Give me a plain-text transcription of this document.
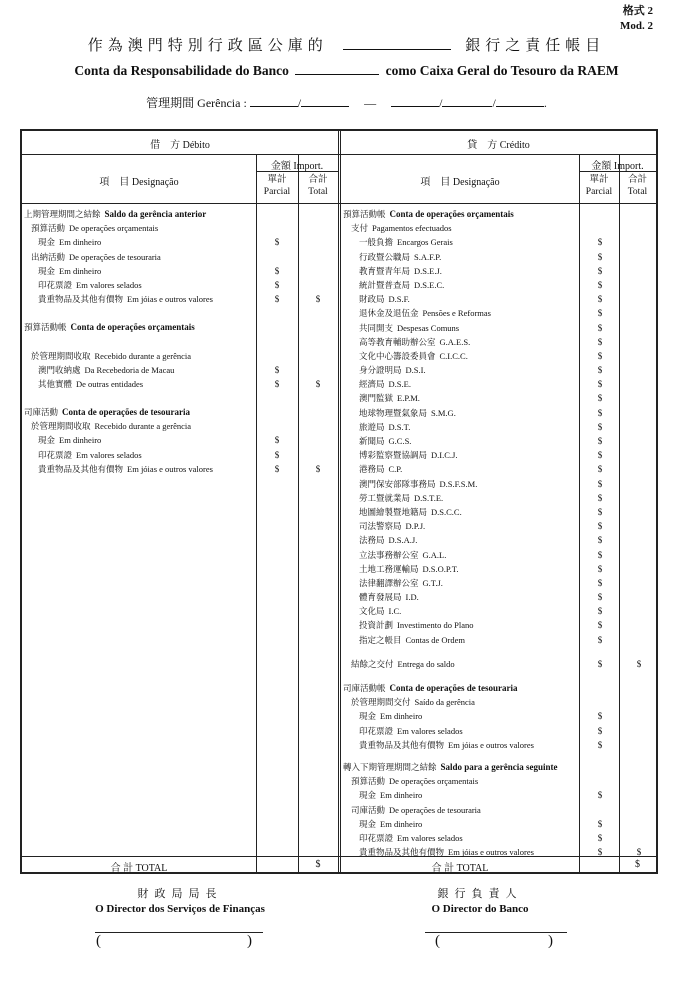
格式 2
Mod. 2
作為澳門特別行政區公庫的	銀行之責任帳目
Conta da Responsabilidade do Banco	como Caixa Geral do Tesouro da RAEM
管理期間 Gerência :	/	—	/	/	.
借　方 Débito
項　目 Designação
金額 Import.
單計
Parcial
合計
Total
貸　方 Crédito
項　目 Designação
金額 Import.
單計
Parcial
合計
Total
上期管理期間之結餘 Saldo da gerência anterior
預算活動 De operações orçamentais
現金 Em dinheiro	$
出納活動 De operações de tesouraria
現金 Em dinheiro	$
印花票證 Em valores selados	$
貴重物品及其他有價物 Em jóias e outros valores	$	$
預算活動帳 Conta de operações orçamentais
於管理期間收取 Recebido durante a gerência
澳門收納處 Da Recebedoria de Macau	$
其他實體 De outras entidades	$	$
司庫活動 Conta de operações de tesouraria
於管理期間收取 Recebido durante a gerência
現金 Em dinheiro	$
印花票證 Em valores selados	$
貴重物品及其他有價物 Em jóias e outros valores	$	$
預算活動帳 Conta de operações orçamentais
支付 Pagamentos efectuados
一般負擔 Encargos Gerais	$
行政暨公職局 S.A.F.P.	$
教育暨青年局 D.S.E.J.	$
統計暨普查局 D.S.E.C.	$
財政局 D.S.F.	$
退休金及退伍金 Pensões e Reformas	$
共同開支 Despesas Comuns	$
高等教育輔助辦公室 G.A.E.S.	$
文化中心籌設委員會 C.I.C.C.	$
身分證明局 D.S.I.	$
經濟局 D.S.E.	$
澳門監獄 E.P.M.	$
地球物理暨氣象局 S.M.G.	$
旅遊局 D.S.T.	$
新聞局 G.C.S.	$
博彩監察暨協調局 D.I.C.J.	$
港務局 C.P.	$
澳門保安部隊事務局 D.S.F.S.M.	$
勞工暨就業局 D.S.T.E.	$
地圖繪製暨地籍局 D.S.C.C.	$
司法警察局 D.P.J.	$
法務局 D.S.A.J.	$
立法事務辦公室 G.A.L.	$
土地工務運輸局 D.S.O.P.T.	$
法律翻譯辦公室 G.T.J.	$
體育發展局 I.D.	$
文化局 I.C.	$
投資計劃 Investimento do Plano	$
指定之帳目 Contas de Ordem	$
結餘之交付 Entrega do saldo	$	$
司庫活動帳 Conta de operações de tesouraria
於管理期間交付 Saído da gerência
現金 Em dinheiro	$
印花票證 Em valores selados	$
貴重物品及其他有價物 Em jóias e outros valores	$
轉入下期管理期間之結餘 Saldo para a gerência seguinte
預算活動 De operações orçamentais
現金 Em dinheiro	$
司庫活動 De operações de tesouraria
現金 Em dinheiro	$
印花票證 Em valores selados	$
貴重物品及其他有價物 Em jóias e outros valores	$	$
合 計 TOTAL	$	合 計 TOTAL	$
財政局局長
O Director dos Serviços de Finanças
(	)
銀行負責人
O Director do Banco
(	)
